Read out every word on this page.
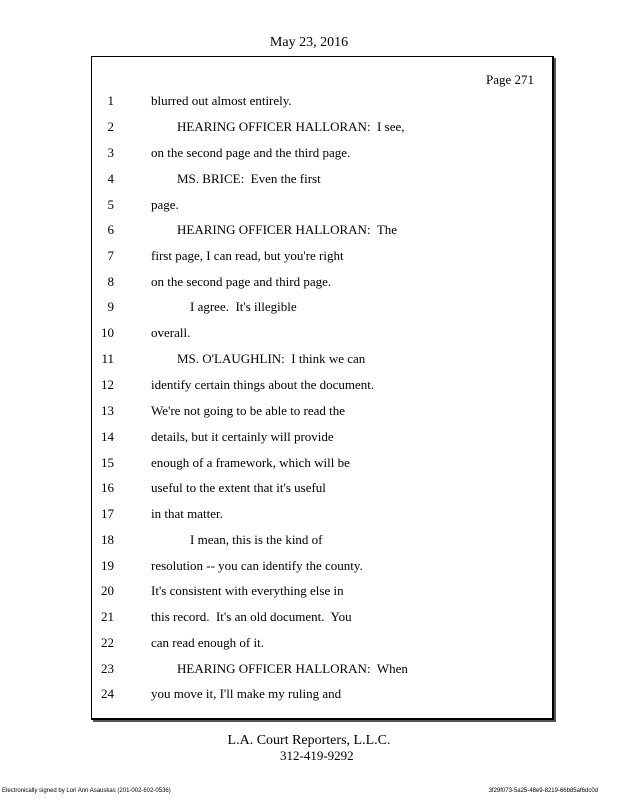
May 23, 2016
Page 271
1	blurred out almost entirely.
2	HEARING OFFICER HALLORAN:  I see,
3	on the second page and the third page.
4	MS. BRICE:  Even the first
5	page.
6	HEARING OFFICER HALLORAN:  The
7	first page, I can read, but you're right
8	on the second page and third page.
9	I agree.  It's illegible
10	overall.
11	MS. O'LAUGHLIN:  I think we can
12	identify certain things about the document.
13	We're not going to be able to read the
14	details, but it certainly will provide
15	enough of a framework, which will be
16	useful to the extent that it's useful
17	in that matter.
18	I mean, this is the kind of
19	resolution -- you can identify the county.
20	It's consistent with everything else in
21	this record.  It's an old document.  You
22	can read enough of it.
23	HEARING OFFICER HALLORAN:  When
24	you move it, I'll make my ruling and
L.A. Court Reporters, L.L.C.
312-419-9292
Electronically signed by Lori Ann Asauskas (201-002-602-0536)	3f29f073-5a25-48e9-8219-66b85af6dc0d
